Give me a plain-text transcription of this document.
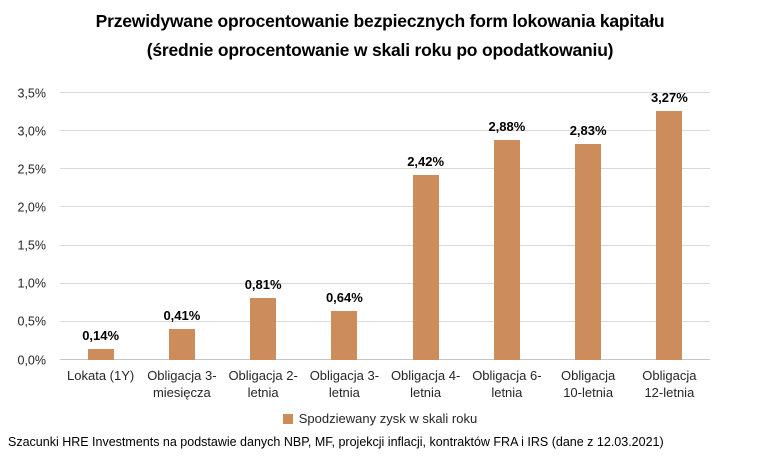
Przewidywane oprocentowanie bezpiecznych form lokowania kapitału
(średnie oprocentowanie w skali roku po opodatkowaniu)
0,0%
0,5%
1,0%
1,5%
2,0%
2,5%
3,0%
3,5%
0,14%
0,41%
0,81%
0,64%
2,42%
2,88%	2,83%
3,27%
Lokata (1Y) Obligacja 3-miesięcza
Obligacja 2-letnia
Obligacja 3-letnia
Obligacja 4-letnia
Obligacja 6-letnia
Obligacja 10-letnia
Obligacja 12-letnia
Spodziewany zysk w skali roku
Szacunki HRE Investments na podstawie danych NBP, MF, projekcji inflacji, kontraktów FRA i IRS (dane z 12.03.2021)
